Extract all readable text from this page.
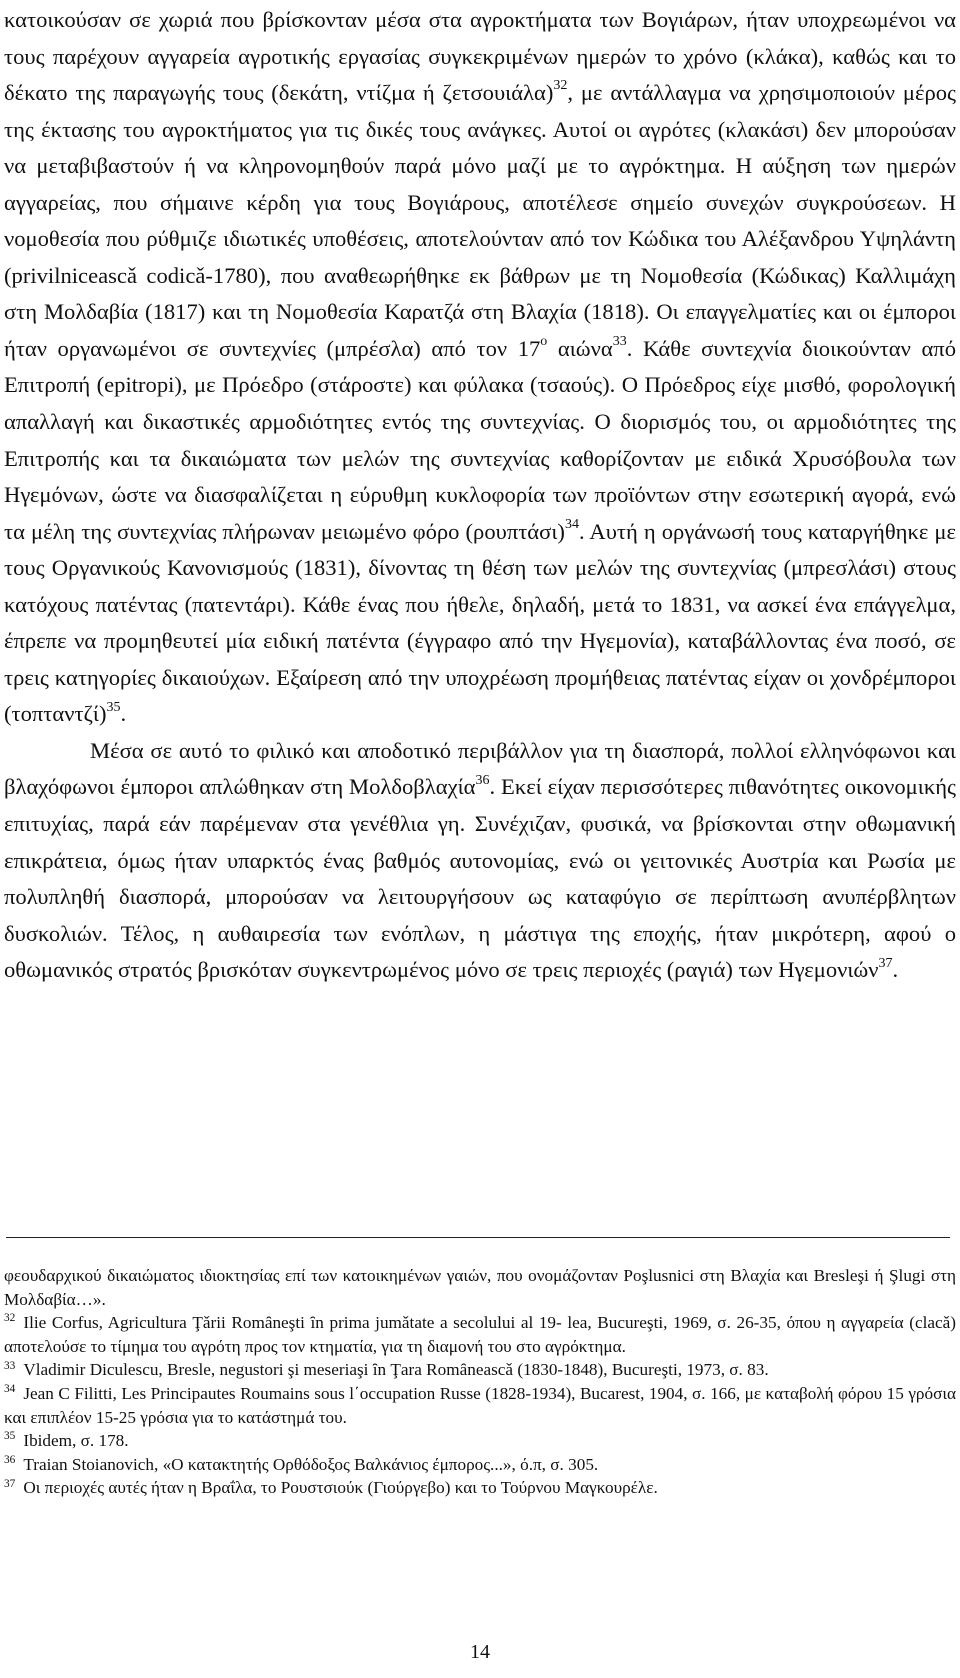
κατοικούσαν σε χωριά που βρίσκονταν μέσα στα αγροκτήματα των Βογιάρων, ήταν υποχρεωμένοι να τους παρέχουν αγγαρεία αγροτικής εργασίας συγκεκριμένων ημερών το χρόνο (κλάκα), καθώς και το δέκατο της παραγωγής τους (δεκάτη, ντίζμα ή ζετσουιάλα)$^{32}$, με αντάλλαγμα να χρησιμοποιούν μέρος της έκτασης του αγροκτήματος για τις δικές τους ανάγκες. Αυτοί οι αγρότες (κλακάσι) δεν μπορούσαν να μεταβιβαστούν ή να κληρονομηθούν παρά μόνο μαζί με το αγρόκτημα. Η αύξηση των ημερών αγγαρείας, που σήμαινε κέρδη για τους Βογιάρους, αποτέλεσε σημείο συνεχών συγκρούσεων. Η νομοθεσία που ρύθμιζε ιδιωτικές υποθέσεις, αποτελούνταν από τον Κώδικα του Αλέξανδρου Υψηλάντη (privilniceascǎ codicǎ-1780), που αναθεωρήθηκε εκ βάθρων με τη Νομοθεσία (Κώδικας) Καλλιμάχη στη Μολδαβία (1817) και τη Νομοθεσία Καρατζά στη Βλαχία (1818). Οι επαγγελματίες και οι έμποροι ήταν οργανωμένοι σε συντεχνίες (μπρέσλα) από τον $17^o$ αιώνα$^{33}$. Κάθε συντεχνία διοικούνταν από Επιτροπή (epitropi), με Πρόεδρο (στάροστε) και φύλακα (τσαούς). Ο Πρόεδρος είχε μισθό, φορολογική απαλλαγή και δικαστικές αρμοδιότητες εντός της συντεχνίας. Ο διορισμός του, οι αρμοδιότητες της Επιτροπής και τα δικαιώματα των μελών της συντεχνίας καθορίζονταν με ειδικά Χρυσόβουλα των Ηγεμόνων, ώστε να διασφαλίζεται η εύρυθμη κυκλοφορία των προϊόντων στην εσωτερική αγορά, ενώ τα μέλη της συντεχνίας πλήρωναν μειωμένο φόρο $(\rho o\upsilon\pi\tau ά\sigma\iota)^{34}$. Αυτή η οργάνωσή τους καταργήθηκε με τους Οργανικούς Κανονισμούς (1831), δίνοντας τη θέση των μελών της συντεχνίας (μπρεσλάσι) στους κατόχους πατέντας (πατεντάρι). Κάθε ένας που ήθελε, δηλαδή, μετά το 1831, να ασκεί ένα επάγγελμα, έπρεπε να προμηθευτεί μία ειδική πατέντα (έγγραφο από την Ηγεμονία), καταβάλλοντας ένα ποσό, σε τρεις κατηγορίες δικαιούχων. Εξαίρεση από την υποχρέωση προμήθειας πατέντας είχαν οι χονδρέμποροι $(\tau o\pi\tau\alpha\nu\tau\zeta ί)^{35}$.

Μέσα σε αυτό το φιλικό και αποδοτικό περιβάλλον για τη διασπορά, πολλοί ελληνόφωνοι και βλαχόφωνοι έμποροι απλώθηκαν στη Μολδοβλαχία$^{36}$. Εκεί είχαν περισσότερες πιθανότητες οικονομικής επιτυχίας, παρά εάν παρέμεναν στα γενέθλια γη. Συνέχιζαν, φυσικά, να βρίσκονται στην οθωμανική επικράτεια, όμως ήταν υπαρκτός ένας βαθμός αυτονομίας, ενώ οι γειτονικές Αυστρία και Ρωσία με πολυπληθή διασπορά, μπορούσαν να λειτουργήσουν ως καταφύγιο σε περίπτωση ανυπέρβλητων δυσκολιών. Τέλος, η αυθαιρεσία των ενόπλων, η μάστιγα της εποχής, ήταν μικρότερη, αφού ο οθωμανικός στρατός βρισκόταν συγκεντρωμένος μόνο σε τρεις περιοχές (ραγιά) των Ηγεμονιών$^{37}$.

φεουδαρχικού δικαιώματος ιδιοκτησίας επί των κατοικημένων γαιών, που ονομάζονταν Poşlusnici στη Βλαχία και Bresleşi ή Şlugi στη Μολδαβία…».

$^{32}$ Ilie Corfus, Agricultura Ţǎrii Romȃneşti ȋn prima jumǎtate a secolului al 19- lea, Bucureşti, 1969, σ. 26-35, όπου η αγγαρεία (clacǎ) αποτελούσε το τίμημα του αγρότη προς τον κτηματία, για τη διαμονή του στο αγρόκτημα.

$^{33}$ Vladimir Diculescu, Bresle, negustori şi meseriaşi ȋn Ţara Romȃneascǎ (1830-1848), Bucureşti, 1973, σ. 83.

$^{34}$ Jean C Filitti, Les Principautes Roumains sous l΄occupation Russe (1828-1934), Bucarest, 1904, σ. 166, με καταβολή φόρου 15 γρόσια και επιπλέον 15-25 γρόσια για το κατάστημά του.

$^{35}$ Ibidem, σ. 178.

$^{36}$ Traian Stoianovich, «Ο κατακτητής Ορθόδοξος Βαλκάνιος έμπορος...», ό.π, σ. 305.

$^{37}$ Οι περιοχές αυτές ήταν η Βραΐλα, το Ρουστσιούκ (Γιούργεβο) και το Τούρνου Μαγκουρέλε.

14
